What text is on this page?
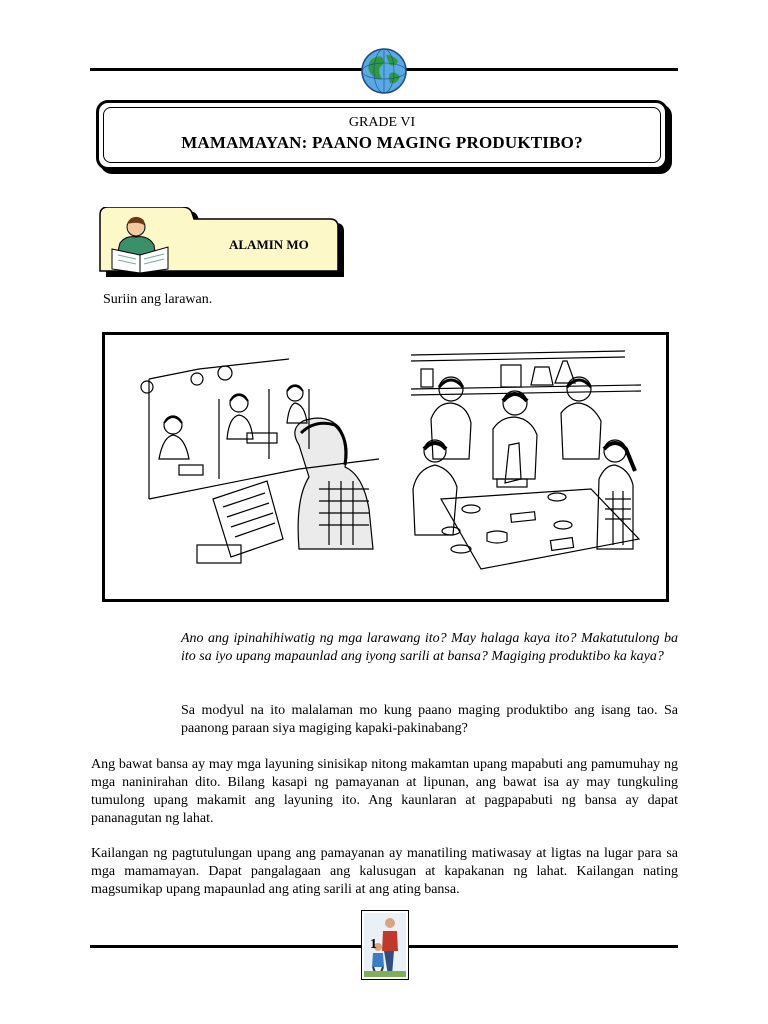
GRADE VI
MAMAMAYAN: PAANO MAGING PRODUKTIBO?
ALAMIN MO
Suriin ang larawan.
Ano ang ipinahihiwatig ng mga larawang ito? May halaga kaya ito? Makatutulong ba ito sa iyo upang mapaunlad ang iyong sarili at bansa? Magiging produktibo ka kaya?
Sa modyul na ito malalaman mo kung paano maging produktibo ang isang tao. Sa paanong paraan siya magiging kapaki-pakinabang?
Ang bawat bansa ay may mga layuning sinisikap nitong makamtan upang mapabuti ang pamumuhay ng mga naninirahan dito. Bilang kasapi ng pamayanan at lipunan, ang bawat isa ay may tungkuling tumulong upang makamit ang layuning ito. Ang kaunlaran at pagpapabuti ng bansa ay dapat pananagutan ng lahat.
Kailangan ng pagtutulungan upang ang pamayanan ay manatiling matiwasay at ligtas na lugar para sa mga mamamayan. Dapat pangalagaan ang kalusugan at kapakanan ng lahat. Kailangan nating magsumikap upang mapaunlad ang ating sarili at ang ating bansa.
1
